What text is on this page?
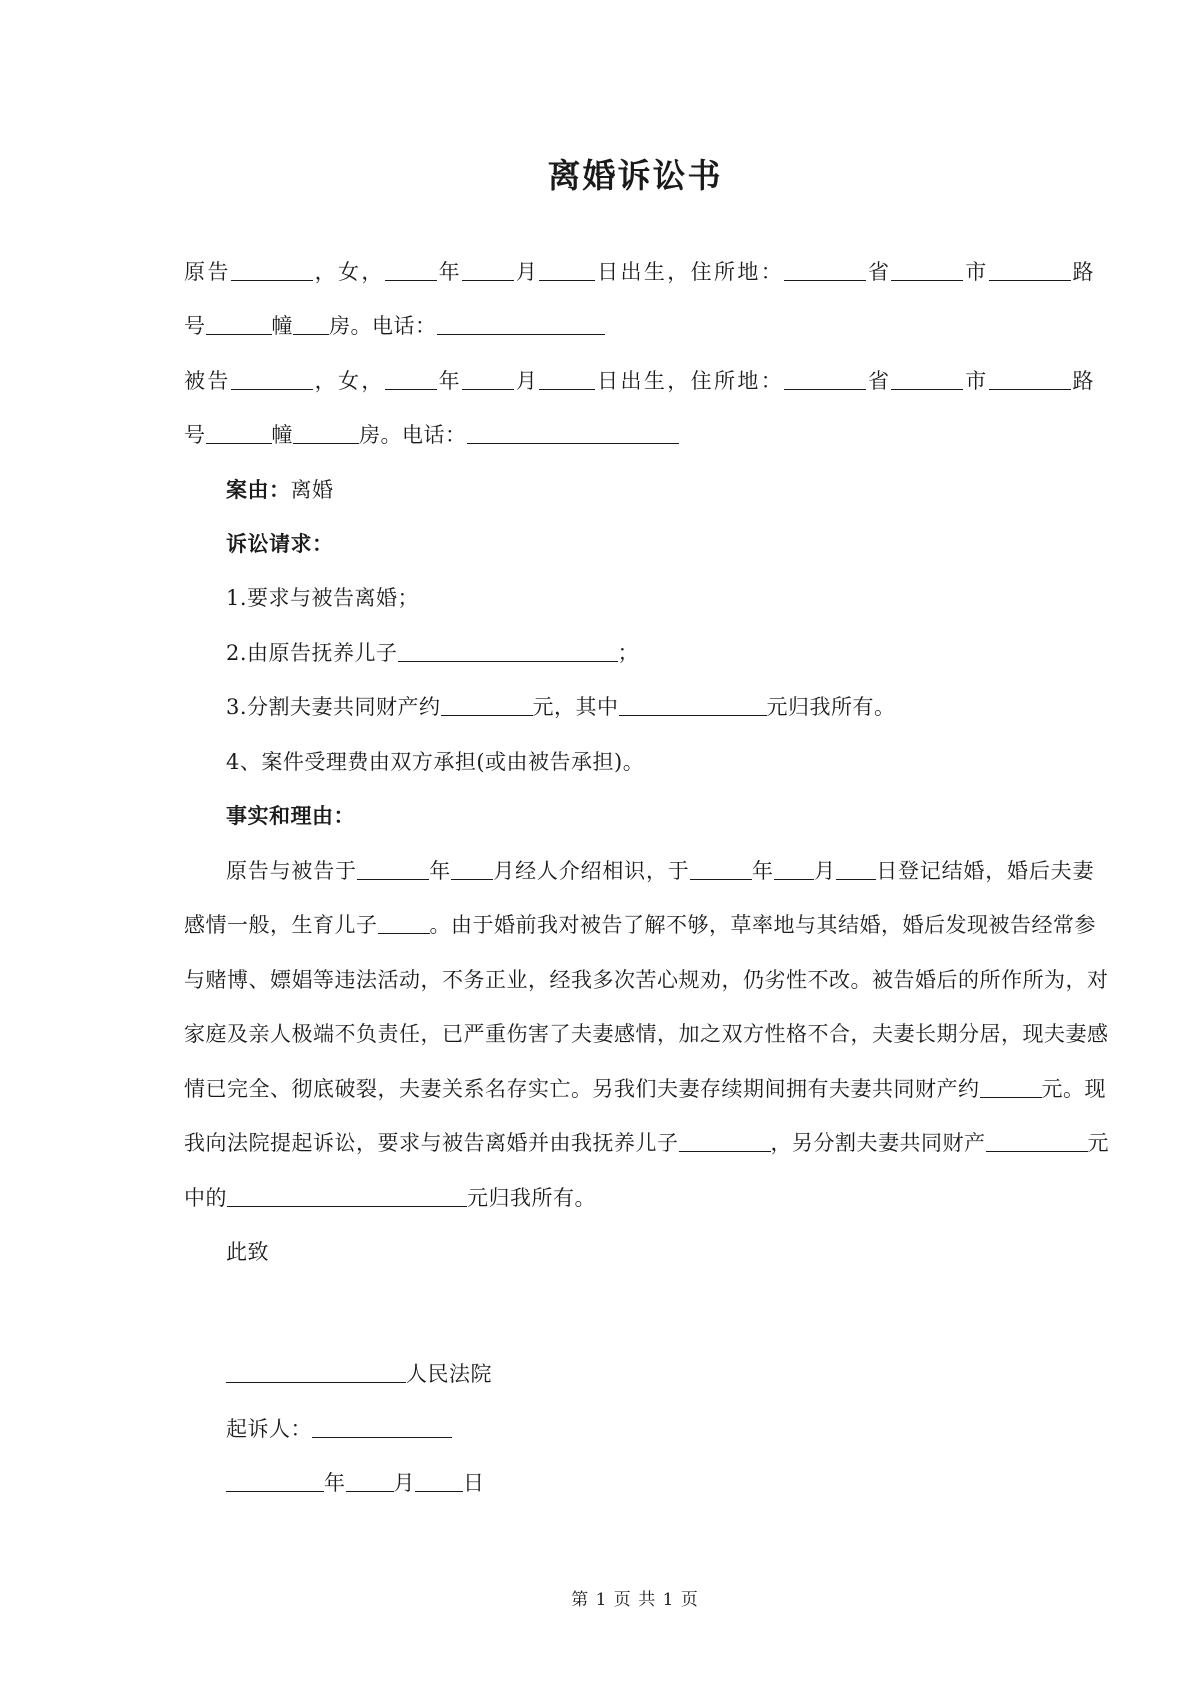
离婚诉讼书
原告	，女， 年 月	日出生，住所地：	省	市	路
号	幢 房。电话：
被告	，女， 年 月	日出生，住所地：	省	市	路
号	幢	房。电话：
案由：离婚
诉讼请求：
1.要求与被告离婚；
2.由原告抚养儿子	；
3.分割夫妻共同财产约	元，其中	元归我所有。
4、案件受理费由双方承担(或由被告承担)。
事实和理由：
原告与被告于	年 月经人介绍相识，于	年 月 日登记结婚，婚后夫妻
感情一般，生育儿子 。由于婚前我对被告了解不够，草率地与其结婚，婚后发现被告经常参
与赌博、嫖娼等违法活动，不务正业，经我多次苦心规劝，仍劣性不改。被告婚后的所作所为，对
家庭及亲人极端不负责任，已严重伤害了夫妻感情，加之双方性格不合，夫妻长期分居，现夫妻感
情已完全、彻底破裂，夫妻关系名存实亡。另我们夫妻存续期间拥有夫妻共同财产约	元。现
我向法院提起诉讼，要求与被告离婚并由我抚养儿子	，另分割夫妻共同财产	元
中的	元归我所有。
此致
人民法院
起诉人：
年 月 日
第 1 页 共 1 页
